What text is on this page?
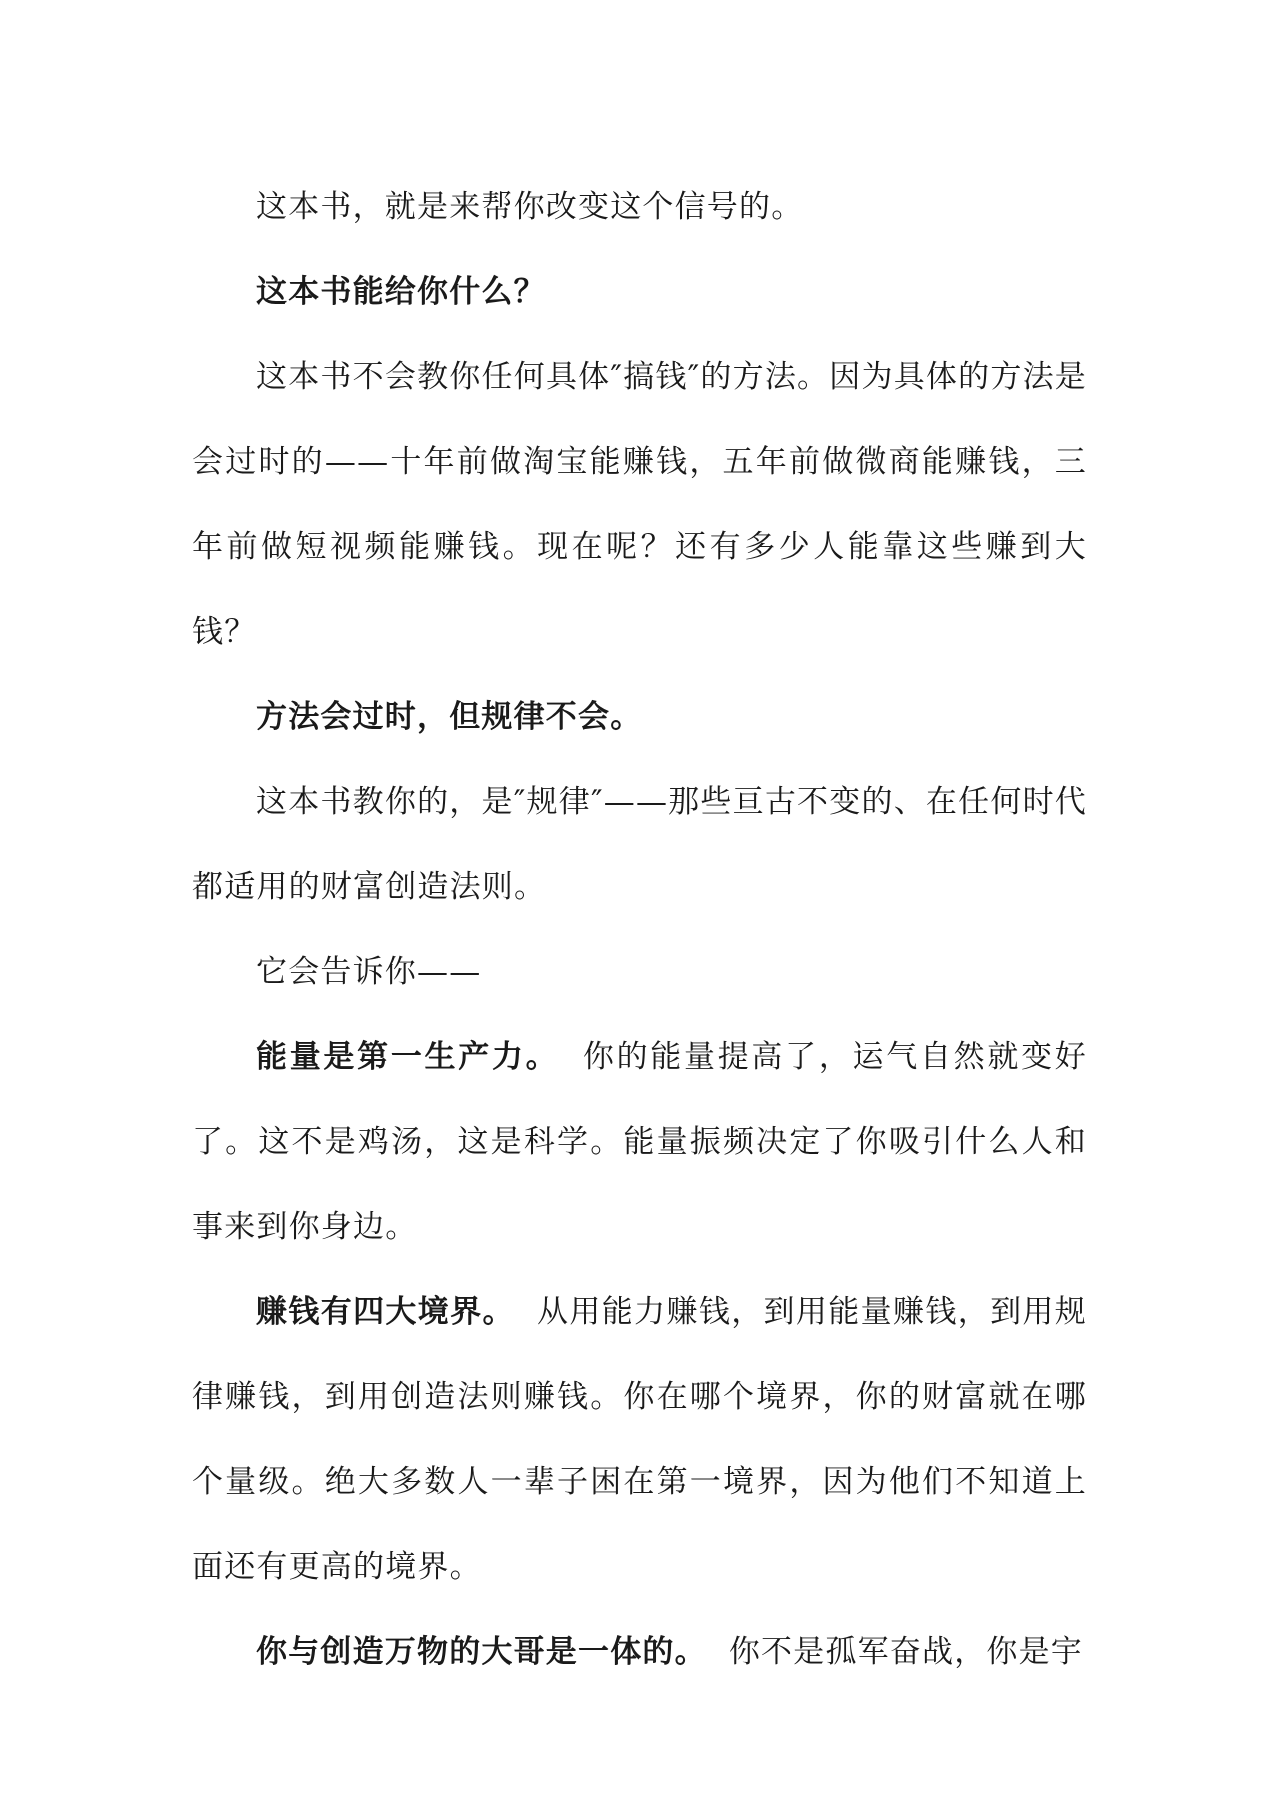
这本书，就是来帮你改变这个信号的。

这本书能给你什么？

这本书不会教你任何具体″搞钱″的方法。因为具体的方法是会过时的——十年前做淘宝能赚钱，五年前做微商能赚钱，三年前做短视频能赚钱。现在呢？还有多少人能靠这些赚到大钱？

方法会过时，但规律不会。

这本书教你的，是″规律″——那些亘古不变的、在任何时代都适用的财富创造法则。

它会告诉你——

能量是第一生产力。 你的能量提高了，运气自然就变好了。这不是鸡汤，这是科学。能量振频决定了你吸引什么人和事来到你身边。

赚钱有四大境界。 从用能力赚钱，到用能量赚钱，到用规律赚钱，到用创造法则赚钱。你在哪个境界，你的财富就在哪个量级。绝大多数人一辈子困在第一境界，因为他们不知道上面还有更高的境界。

你与创造万物的大哥是一体的。 你不是孤军奋战，你是宇
